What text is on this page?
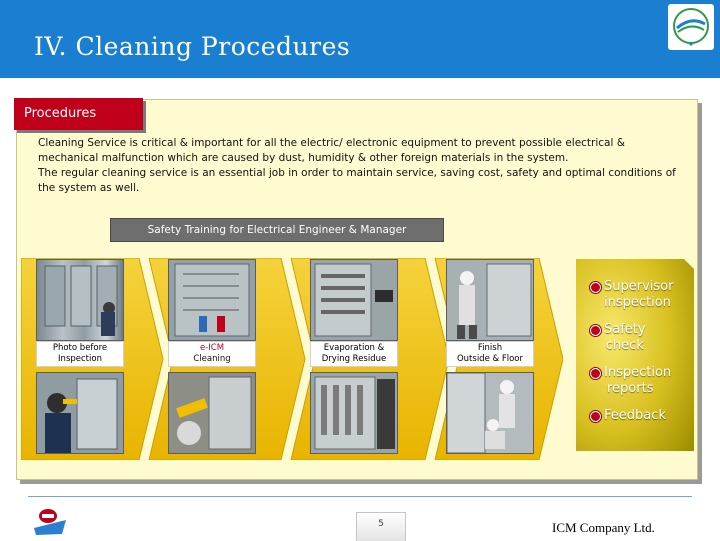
IV. Cleaning Procedures
Procedures

Cleaning Service is critical & important for all the electric/ electronic equipment to prevent possible electrical & mechanical malfunction which are caused by dust, humidity & other foreign materials in the system.

The regular cleaning service is an essential job in order to maintain service, saving cost, safety and optimal conditions of the system as well.

Safety Training for Electrical Engineer & Manager
Photo before
Inspection
e-ICM
Cleaning
Evaporation &
Drying Residue
Finish
Outside & Floor
Supervisor
inspection
Safety
check
Inspection
reports
Feedback
5	ICM Company Ltd.
